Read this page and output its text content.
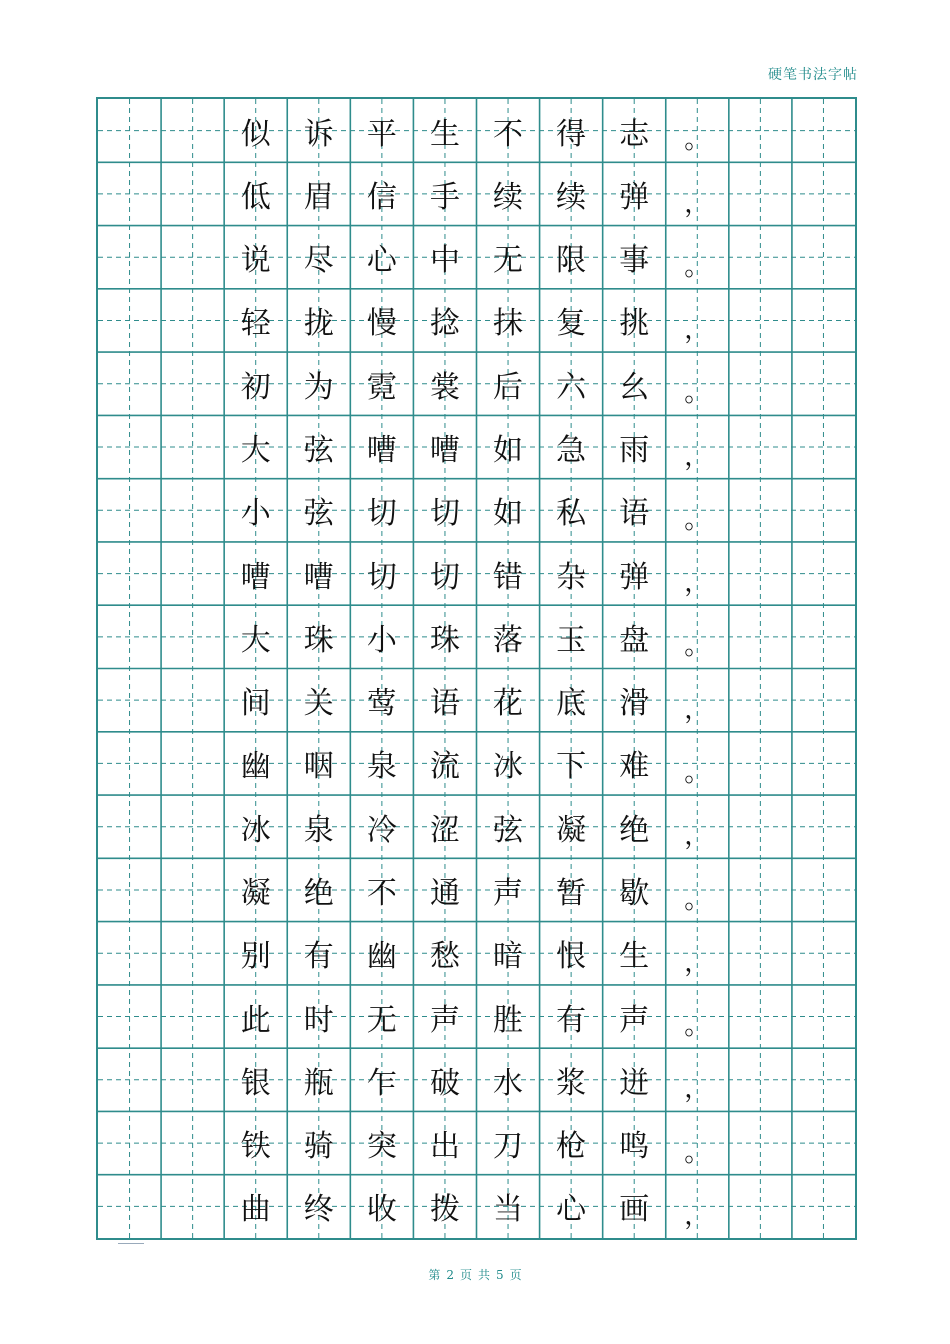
硬笔书法字帖
似	诉	平	生	不	得	志	。
低	眉	信	手	续	续	弹	，
说	尽	心	中	无	限	事	。
轻	拢	慢	捻	抹	复	挑	，
初	为	霓	裳	后	六	幺	。
大	弦	嘈	嘈	如	急	雨	，
小	弦	切	切	如	私	语	。
嘈	嘈	切	切	错	杂	弹	，
大	珠	小	珠	落	玉	盘	。
间	关	莺	语	花	底	滑	，
幽	咽	泉	流	冰	下	难	。
冰	泉	冷	涩	弦	凝	绝	，
凝	绝	不	通	声	暂	歇	。
别	有	幽	愁	暗	恨	生	，
此	时	无	声	胜	有	声	。
银	瓶	乍	破	水	浆	迸	，
铁	骑	突	出	刀	枪	鸣	。
曲	终	收	拨	当	心	画	，
第 2 页 共 5 页
